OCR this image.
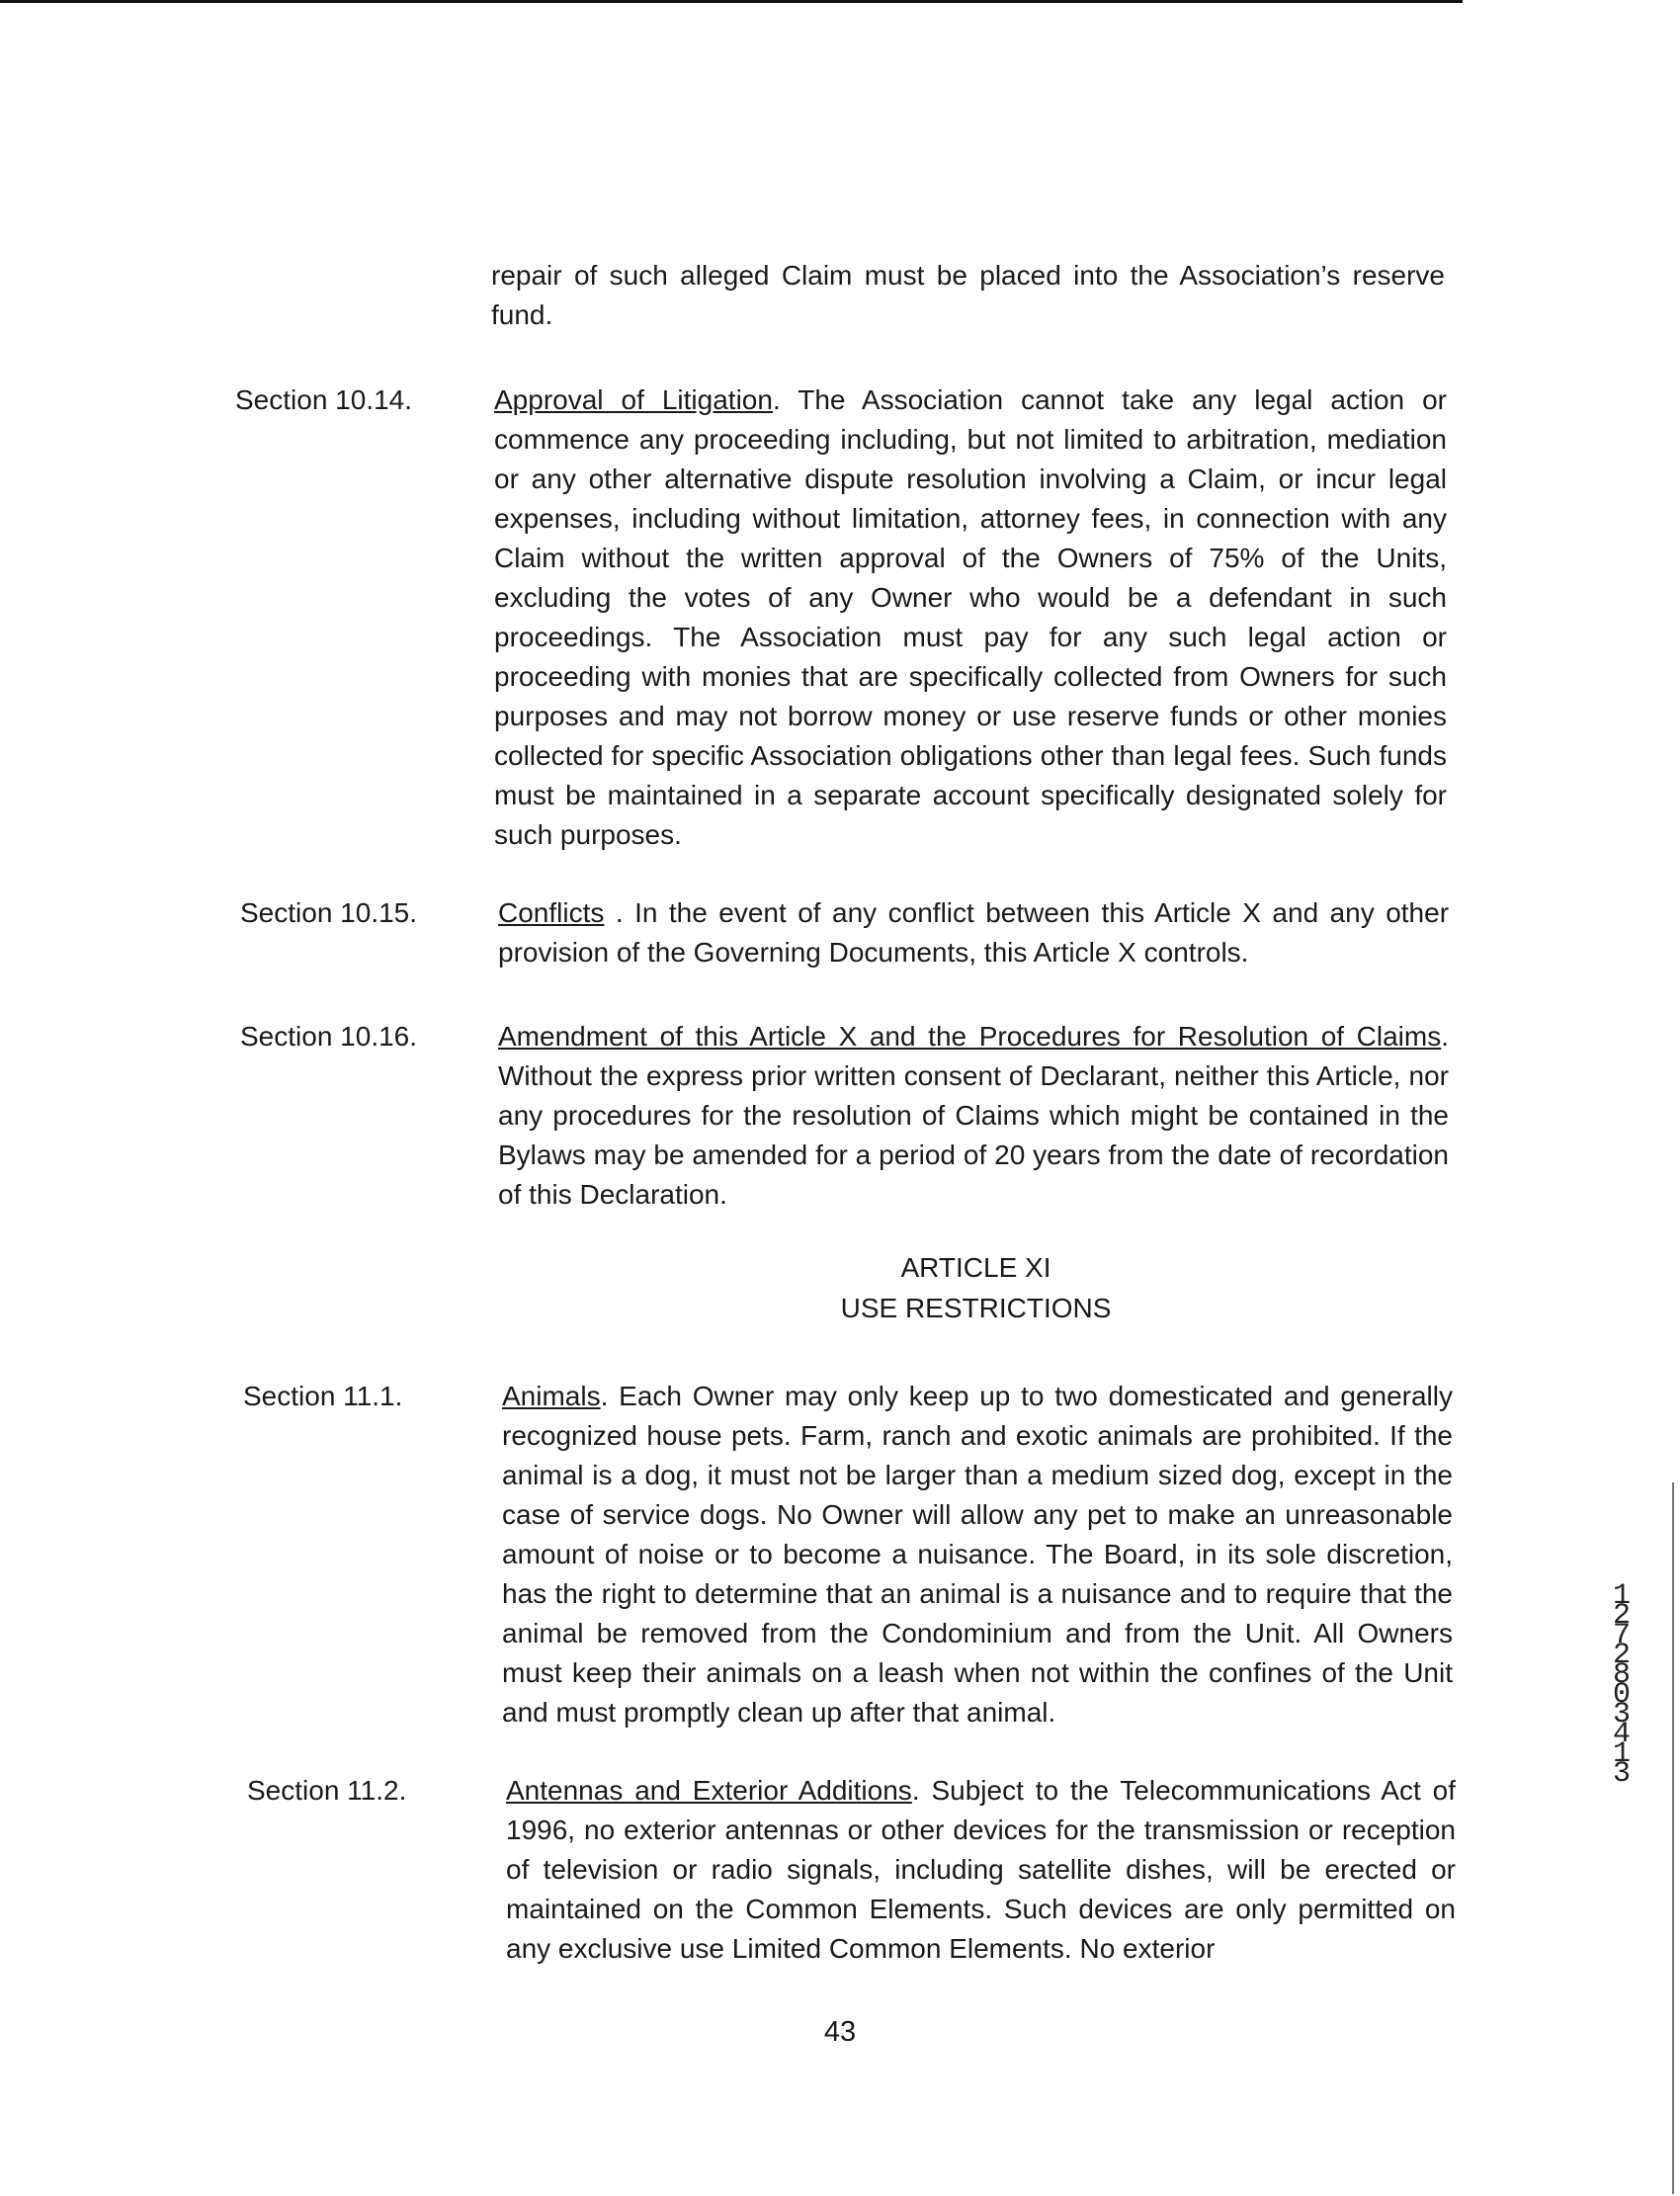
repair of such alleged Claim must be placed into the Association’s reserve fund.

Section 10.14.	Approval of Litigation. The Association cannot take any legal action or commence any proceeding including, but not limited to arbitration, mediation or any other alternative dispute resolution involving a Claim, or incur legal expenses, including without limitation, attorney fees, in connection with any Claim without the written approval of the Owners of 75% of the Units, excluding the votes of any Owner who would be a defendant in such proceedings. The Association must pay for any such legal action or proceeding with monies that are specifically collected from Owners for such purposes and may not borrow money or use reserve funds or other monies collected for specific Association obligations other than legal fees. Such funds must be maintained in a separate account specifically designated solely for such purposes.
Section 10.15.	Conflicts . In the event of any conflict between this Article X and any other provision of the Governing Documents, this Article X controls.
Section 10.16.	Amendment of this Article X and the Procedures for Resolution of Claims. Without the express prior written consent of Declarant, neither this Article, nor any procedures for the resolution of Claims which might be contained in the Bylaws may be amended for a period of 20 years from the date of recordation of this Declaration.
ARTICLE XI
USE RESTRICTIONS
Section 11.1.	Animals. Each Owner may only keep up to two domesticated and generally recognized house pets. Farm, ranch and exotic animals are prohibited. If the animal is a dog, it must not be larger than a medium sized dog, except in the case of service dogs. No Owner will allow any pet to make an unreasonable amount of noise or to become a nuisance. The Board, in its sole discretion, has the right to determine that an animal is a nuisance and to require that the animal be removed from the Condominium and from the Unit. All Owners must keep their animals on a leash when not within the confines of the Unit and must promptly clean up after that animal.
Section 11.2.	Antennas and Exterior Additions. Subject to the Telecommunications Act of 1996, no exterior antennas or other devices for the transmission or reception of television or radio signals, including satellite dishes, will be erected or maintained on the Common Elements. Such devices are only permitted on any exclusive use Limited Common Elements. No exterior
1272803413
43
